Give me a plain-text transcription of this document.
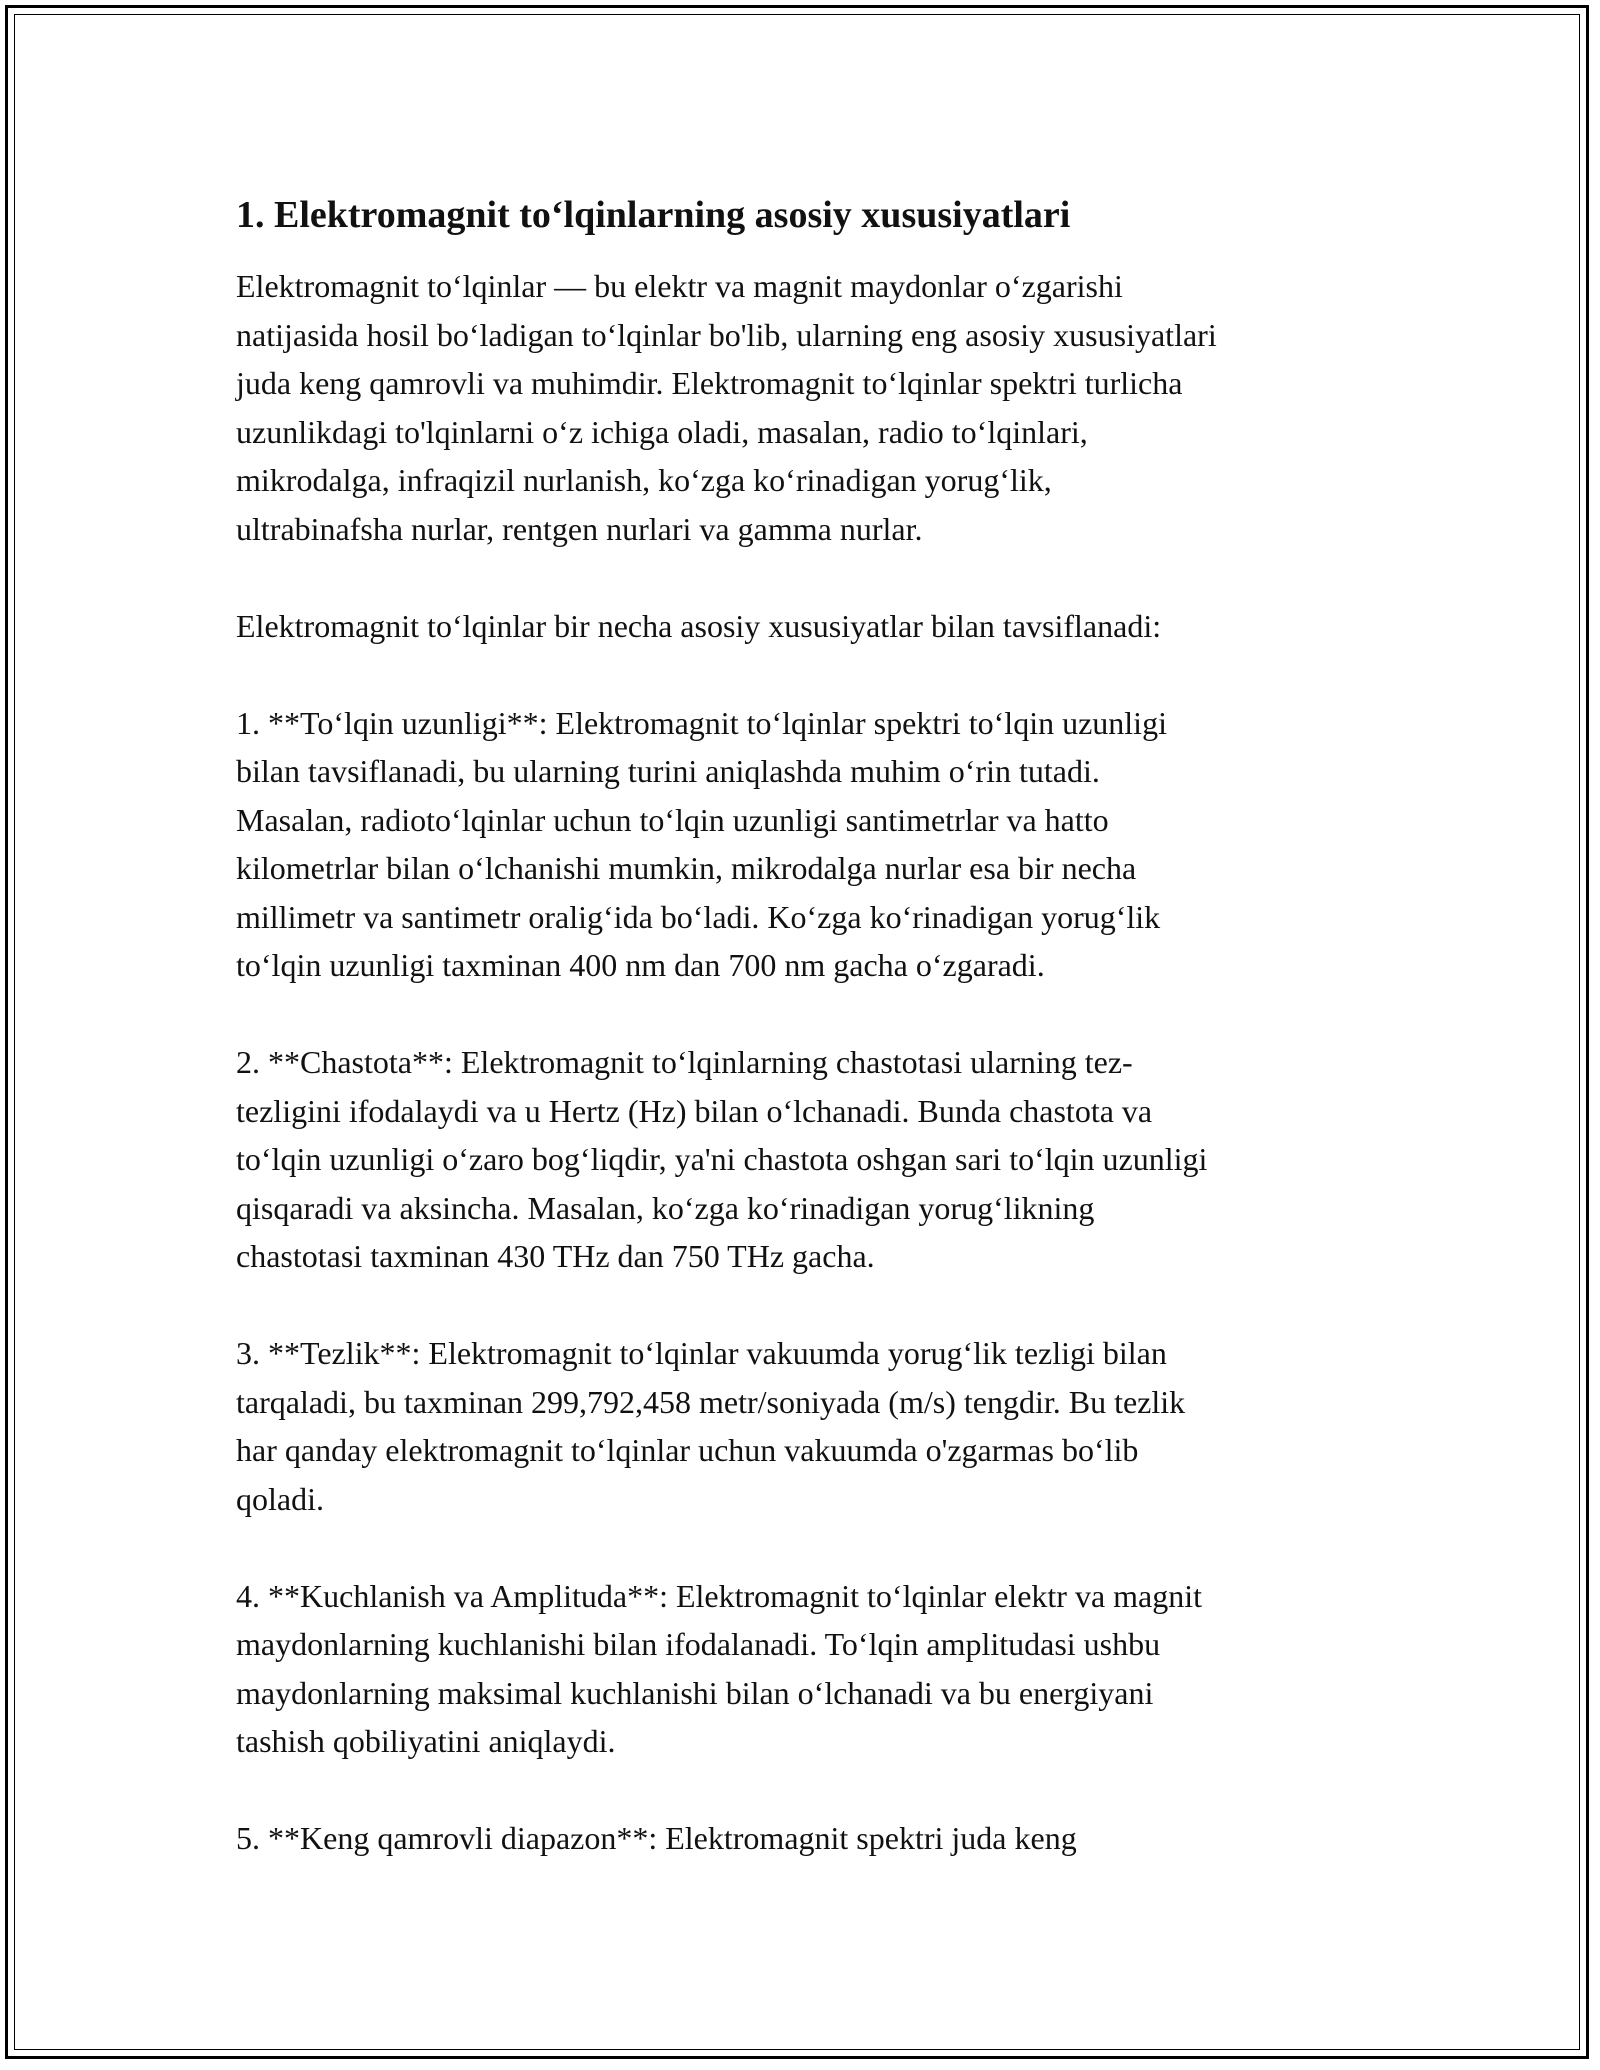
1. Elektromagnit to‘lqinlarning asosiy xususiyatlari

Elektromagnit to‘lqinlar — bu elektr va magnit maydonlar o‘zgarishi
natijasida hosil bo‘ladigan to‘lqinlar bo'lib, ularning eng asosiy xususiyatlari
juda keng qamrovli va muhimdir. Elektromagnit to‘lqinlar spektri turlicha
uzunlikdagi to'lqinlarni o‘z ichiga oladi, masalan, radio to‘lqinlari,
mikrodalga, infraqizil nurlanish, ko‘zga ko‘rinadigan yorug‘lik,
ultrabinafsha nurlar, rentgen nurlari va gamma nurlar.

Elektromagnit to‘lqinlar bir necha asosiy xususiyatlar bilan tavsiflanadi:

1. **To‘lqin uzunligi**: Elektromagnit to‘lqinlar spektri to‘lqin uzunligi
bilan tavsiflanadi, bu ularning turini aniqlashda muhim o‘rin tutadi.
Masalan, radioto‘lqinlar uchun to‘lqin uzunligi santimetrlar va hatto
kilometrlar bilan o‘lchanishi mumkin, mikrodalga nurlar esa bir necha
millimetr va santimetr oralig‘ida bo‘ladi. Ko‘zga ko‘rinadigan yorug‘lik
to‘lqin uzunligi taxminan 400 nm dan 700 nm gacha o‘zgaradi.

2. **Chastota**: Elektromagnit to‘lqinlarning chastotasi ularning tez-
tezligini ifodalaydi va u Hertz (Hz) bilan o‘lchanadi. Bunda chastota va
to‘lqin uzunligi o‘zaro bog‘liqdir, ya'ni chastota oshgan sari to‘lqin uzunligi
qisqaradi va aksincha. Masalan, ko‘zga ko‘rinadigan yorug‘likning
chastotasi taxminan 430 THz dan 750 THz gacha.

3. **Tezlik**: Elektromagnit to‘lqinlar vakuumda yorug‘lik tezligi bilan
tarqaladi, bu taxminan 299,792,458 metr/soniyada (m/s) tengdir. Bu tezlik
har qanday elektromagnit to‘lqinlar uchun vakuumda o'zgarmas bo‘lib
qoladi.

4. **Kuchlanish va Amplituda**: Elektromagnit to‘lqinlar elektr va magnit
maydonlarning kuchlanishi bilan ifodalanadi. To‘lqin amplitudasi ushbu
maydonlarning maksimal kuchlanishi bilan o‘lchanadi va bu energiyani
tashish qobiliyatini aniqlaydi.

5. **Keng qamrovli diapazon**: Elektromagnit spektri juda keng
